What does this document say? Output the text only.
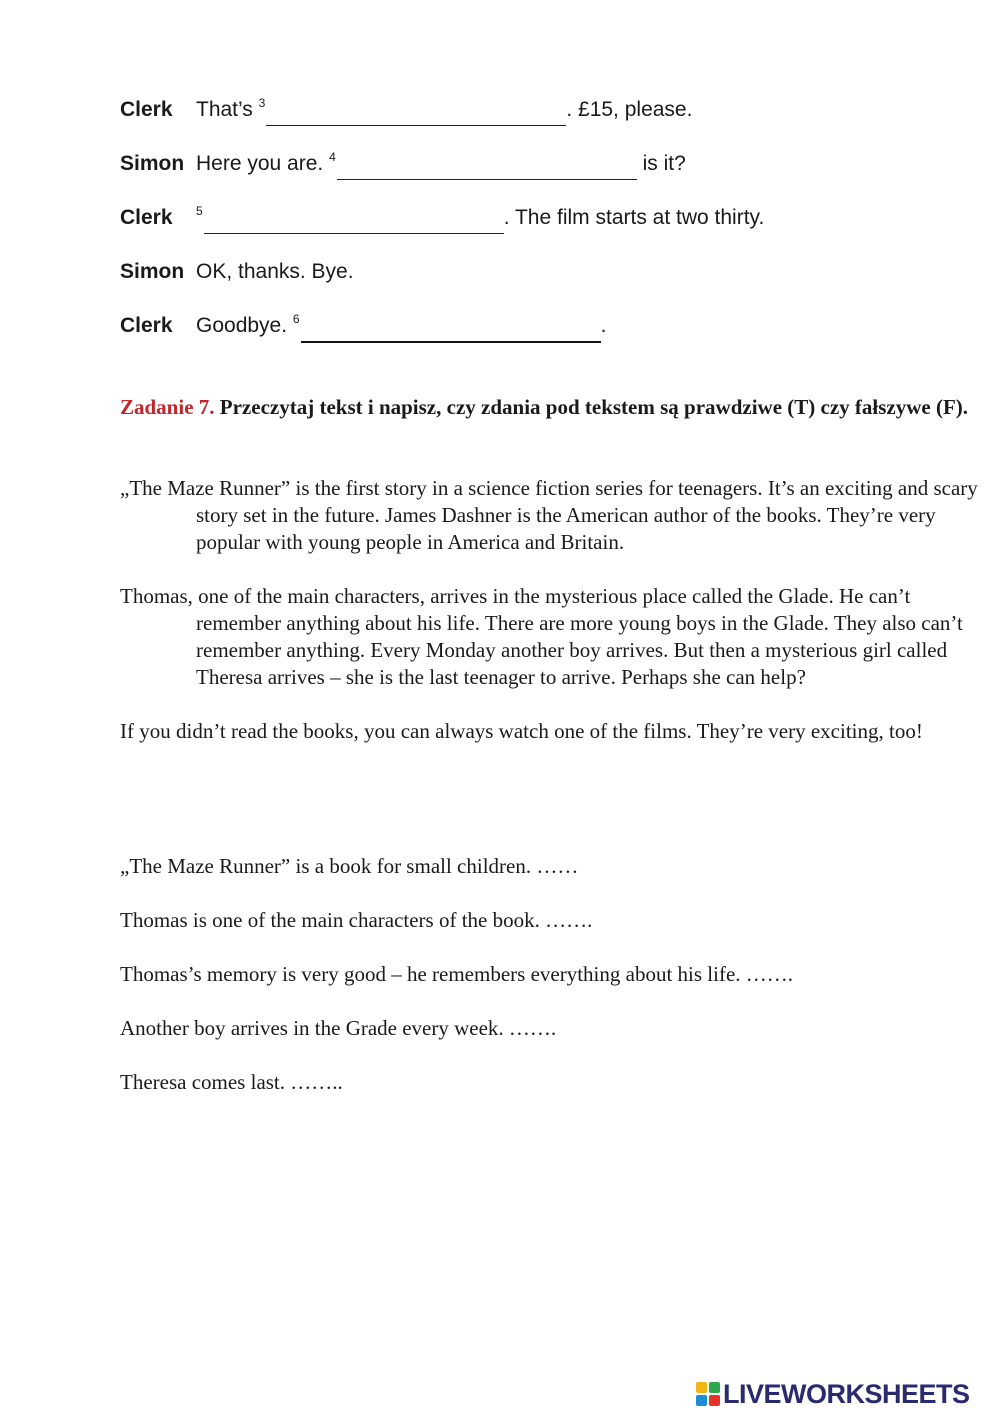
Clerk That’s $^3$	. £15, please.
Simon Here you are. $^4$	is it?
Clerk $^5$	. The film starts at two thirty.
Simon OK, thanks. Bye.
Clerk Goodbye. $^6$	.
Zadanie 7. Przeczytaj tekst i napisz, czy zdania pod tekstem są prawdziwe (T) czy fałszywe (F).

„The Maze Runner” is the first story in a science fiction series for teenagers. It’s an exciting and scary story set in the future. James Dashner is the American author of the books. They’re very popular with young people in America and Britain.

Thomas, one of the main characters, arrives in the mysterious place called the Glade. He can’t remember anything about his life. There are more young boys in the Glade. They also can’t remember anything. Every Monday another boy arrives. But then a mysterious girl called Theresa arrives – she is the last teenager to arrive. Perhaps she can help?

If you didn’t read the books, you can always watch one of the films. They’re very exciting, too!

„The Maze Runner” is a book for small children. ……
Thomas is one of the main characters of the book. …….
Thomas’s memory is very good – he remembers everything about his life. …….
Another boy arrives in the Grade every week. …….
Theresa comes last. ……..
LIVEWORKSHEETS
